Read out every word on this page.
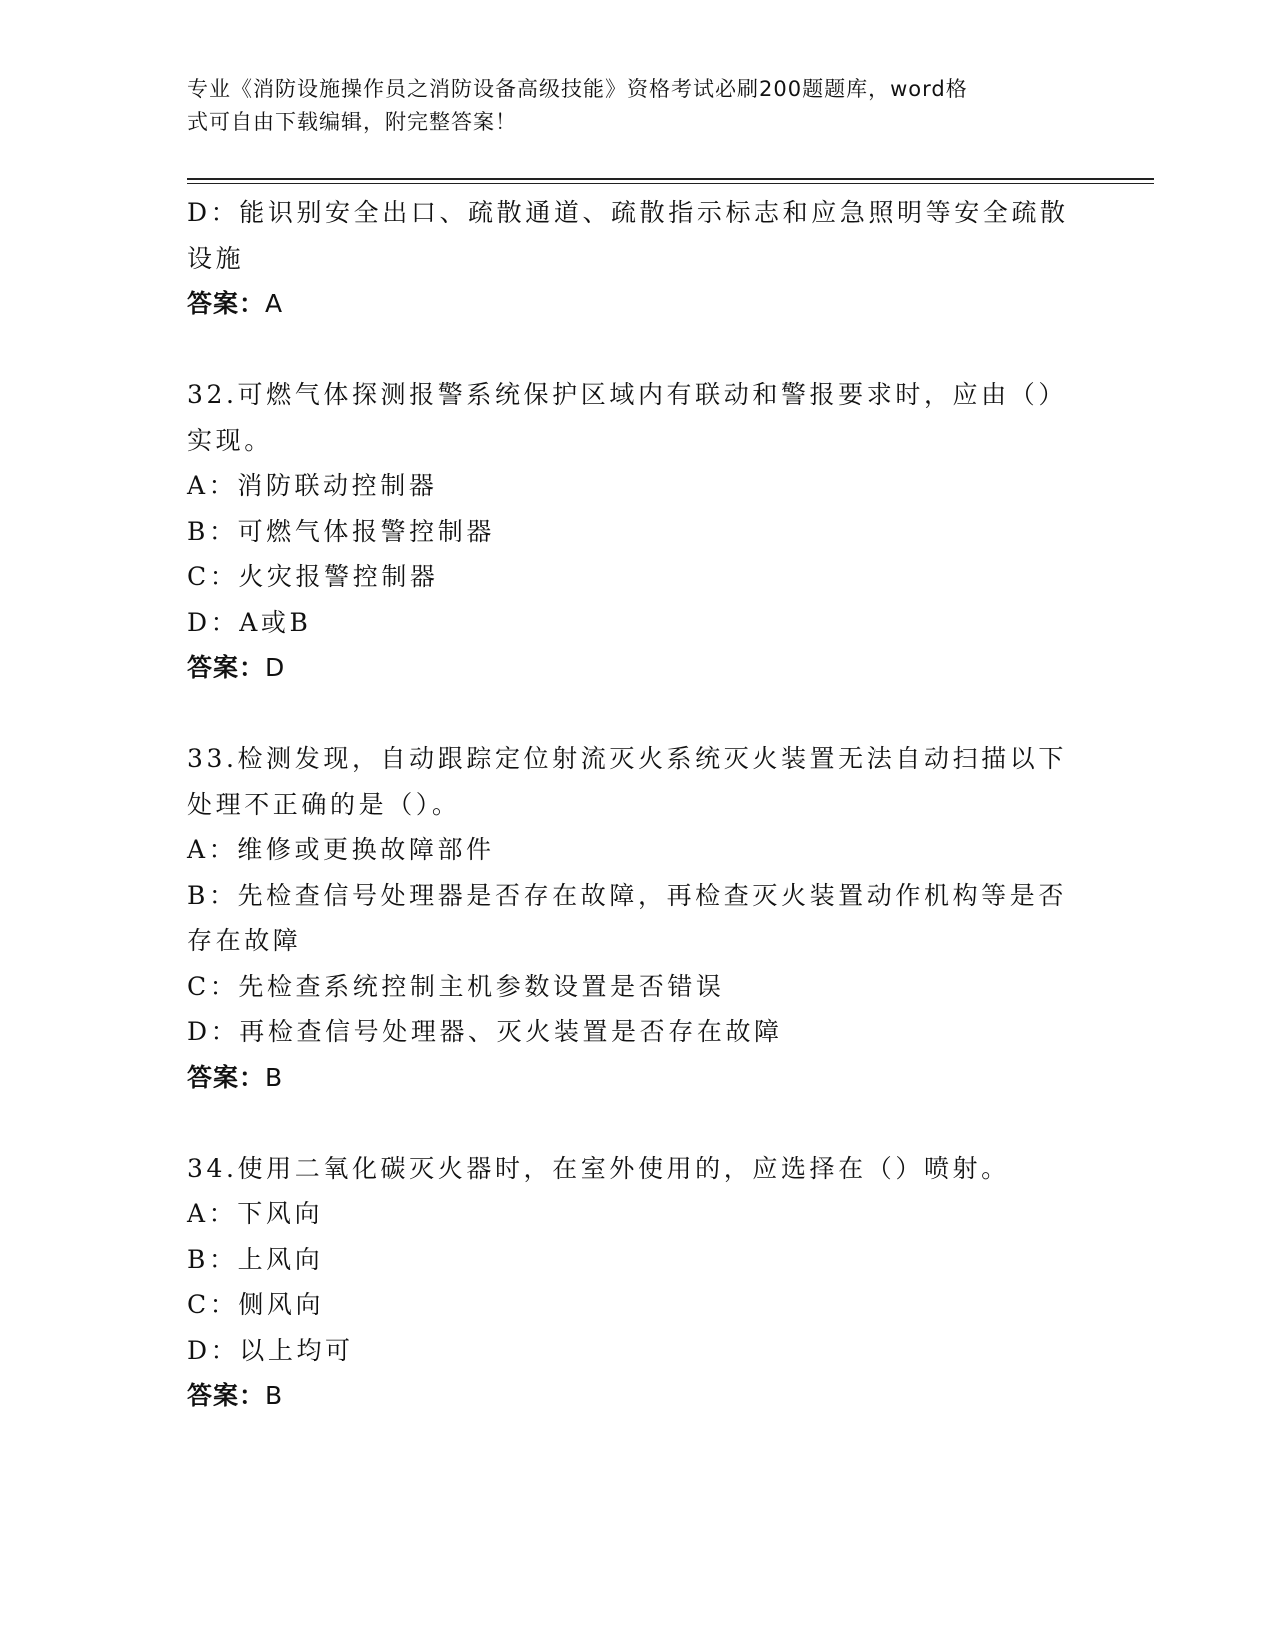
专业《消防设施操作员之消防设备高级技能》资格考试必刷200题题库，word格
式可自由下载编辑，附完整答案！
D：能识别安全出口、疏散通道、疏散指示标志和应急照明等安全疏散
设施
答案：A
32.可燃气体探测报警系统保护区域内有联动和警报要求时，应由（）
实现。
A：消防联动控制器
B：可燃气体报警控制器
C：火灾报警控制器
D：A或B
答案：D
33.检测发现，自动跟踪定位射流灭火系统灭火装置无法自动扫描以下
处理不正确的是（）。
A：维修或更换故障部件
B：先检查信号处理器是否存在故障，再检查灭火装置动作机构等是否
存在故障
C：先检查系统控制主机参数设置是否错误
D：再检查信号处理器、灭火装置是否存在故障
答案：B
34.使用二氧化碳灭火器时，在室外使用的，应选择在（）喷射。
A：下风向
B：上风向
C：侧风向
D：以上均可
答案：B
